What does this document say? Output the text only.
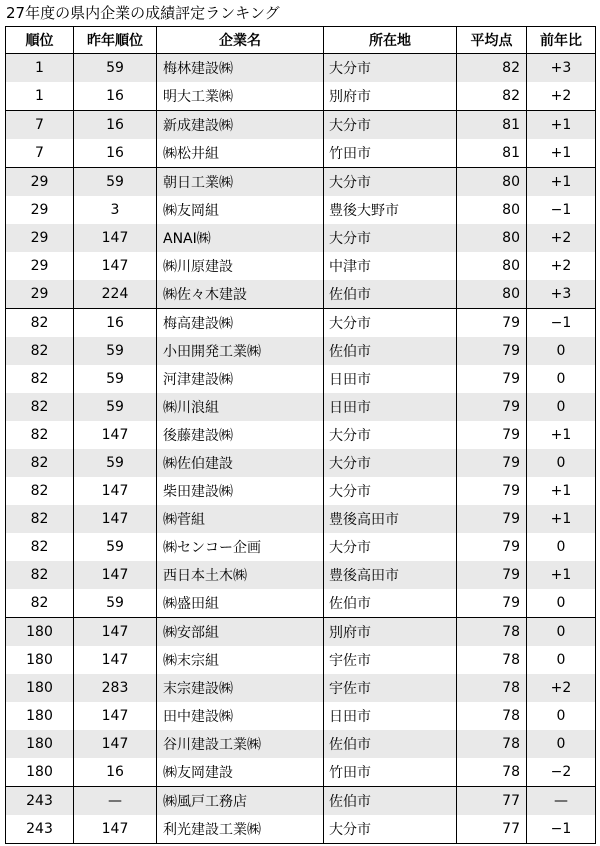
27年度の県内企業の成績評定ランキング
順位	昨年順位	企業名	所在地	平均点	前年比
1	59	梅林建設㈱	大分市	82	+3
1	16	明大工業㈱	別府市	82	+2
7	16	新成建設㈱	大分市	81	+1
7	16	㈱松井組	竹田市	81	+1
29	59	朝日工業㈱	大分市	80	+1
29	3	㈱友岡組	豊後大野市	80	−1
29	147	ANAI㈱	大分市	80	+2
29	147	㈱川原建設	中津市	80	+2
29	224	㈱佐々木建設	佐伯市	80	+3
82	16	梅高建設㈱	大分市	79	−1
82	59	小田開発工業㈱	佐伯市	79	0
82	59	河津建設㈱	日田市	79	0
82	59	㈱川浪組	日田市	79	0
82	147	後藤建設㈱	大分市	79	+1
82	59	㈱佐伯建設	大分市	79	0
82	147	柴田建設㈱	大分市	79	+1
82	147	㈱菅組	豊後高田市	79	+1
82	59	㈱センコー企画	大分市	79	0
82	147	西日本土木㈱	豊後高田市	79	+1
82	59	㈱盛田組	佐伯市	79	0
180	147	㈱安部組	別府市	78	0
180	147	㈱末宗組	宇佐市	78	0
180	283	末宗建設㈱	宇佐市	78	+2
180	147	田中建設㈱	日田市	78	0
180	147	谷川建設工業㈱	佐伯市	78	0
180	16	㈱友岡建設	竹田市	78	−2
243	—	㈱風戸工務店	佐伯市	77	—
243	147	利光建設工業㈱	大分市	77	−1
